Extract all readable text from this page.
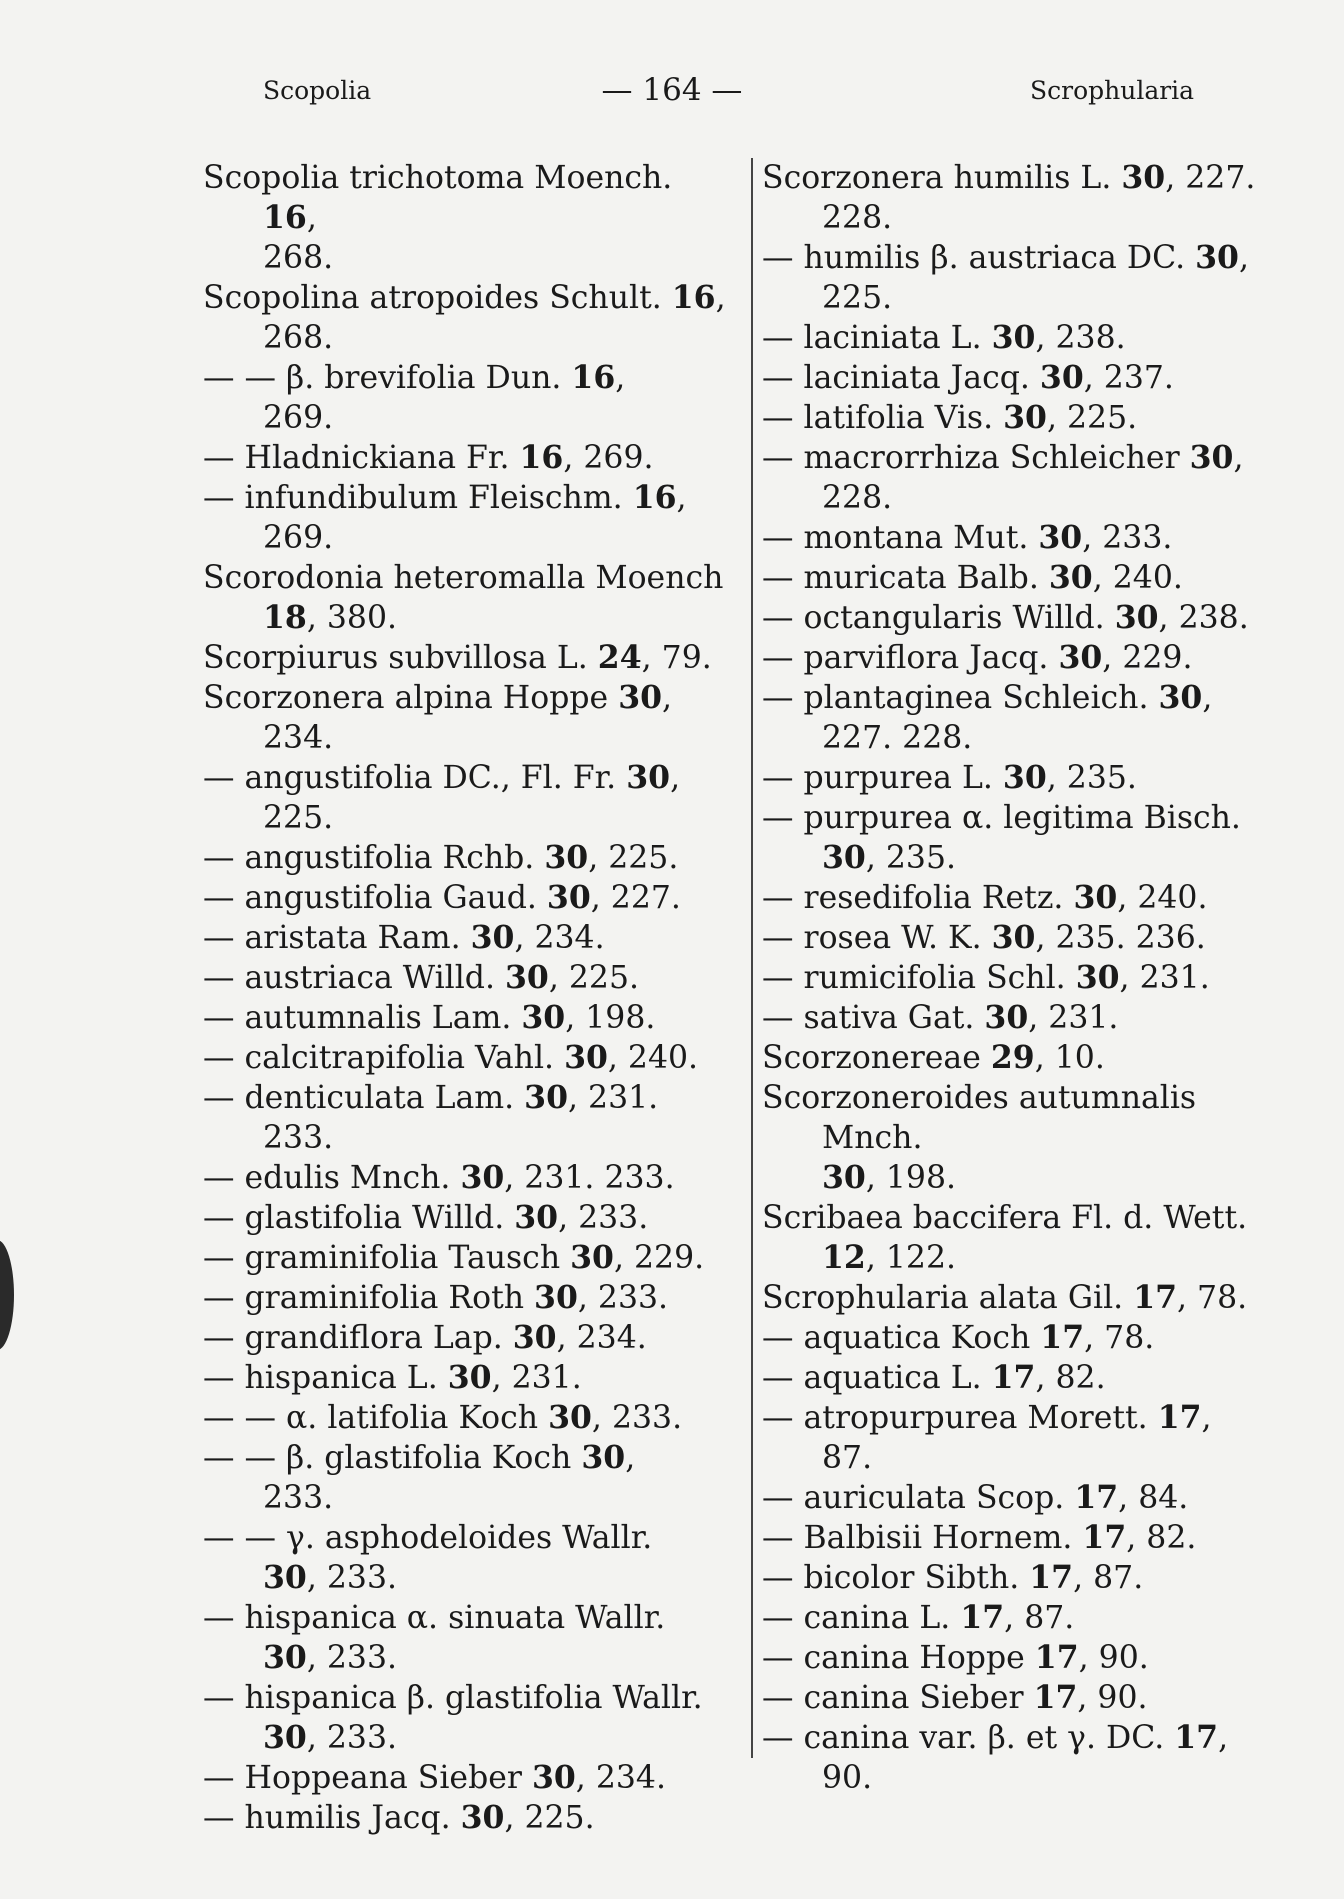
Scopolia	— 164 —	Scrophularia
Scopolia trichotoma Moench. 16,
268.
Scopolina atropoides Schult. 16,
268.
— — β. brevifolia Dun. 16,
269.
— Hladnickiana Fr. 16, 269.
— infundibulum Fleischm. 16,
269.
Scorodonia heteromalla Moench
18, 380.
Scorpiurus subvillosa L. 24, 79.
Scorzonera alpina Hoppe 30, 234.
— angustifolia DC., Fl. Fr. 30,
225.
— angustifolia Rchb. 30, 225.
— angustifolia Gaud. 30, 227.
— aristata Ram. 30, 234.
— austriaca Willd. 30, 225.
— autumnalis Lam. 30, 198.
— calcitrapifolia Vahl. 30, 240.
— denticulata Lam. 30, 231.
233.
— edulis Mnch. 30, 231. 233.
— glastifolia Willd. 30, 233.
— graminifolia Tausch 30, 229.
— graminifolia Roth 30, 233.
— grandiflora Lap. 30, 234.
— hispanica L. 30, 231.
— — α. latifolia Koch 30, 233.
— — β. glastifolia Koch 30,
233.
— — γ. asphodeloides Wallr.
30, 233.
— hispanica α. sinuata Wallr.
30, 233.
— hispanica β. glastifolia Wallr.
30, 233.
— Hoppeana Sieber 30, 234.
— humilis Jacq. 30, 225.
Scorzonera humilis L. 30, 227.
228.
— humilis β. austriaca DC. 30,
225.
— laciniata L. 30, 238.
— laciniata Jacq. 30, 237.
— latifolia Vis. 30, 225.
— macrorrhiza Schleicher 30,
228.
— montana Mut. 30, 233.
— muricata Balb. 30, 240.
— octangularis Willd. 30, 238.
— parviflora Jacq. 30, 229.
— plantaginea Schleich. 30,
227. 228.
— purpurea L. 30, 235.
— purpurea α. legitima Bisch.
30, 235.
— resedifolia Retz. 30, 240.
— rosea W. K. 30, 235. 236.
— rumicifolia Schl. 30, 231.
— sativa Gat. 30, 231.
Scorzonereae 29, 10.
Scorzoneroides autumnalis Mnch.
30, 198.
Scribaea baccifera Fl. d. Wett.
12, 122.
Scrophularia alata Gil. 17, 78.
— aquatica Koch 17, 78.
— aquatica L. 17, 82.
— atropurpurea Morett. 17,
87.
— auriculata Scop. 17, 84.
— Balbisii Hornem. 17, 82.
— bicolor Sibth. 17, 87.
— canina L. 17, 87.
— canina Hoppe 17, 90.
— canina Sieber 17, 90.
— canina var. β. et γ. DC. 17,
90.
